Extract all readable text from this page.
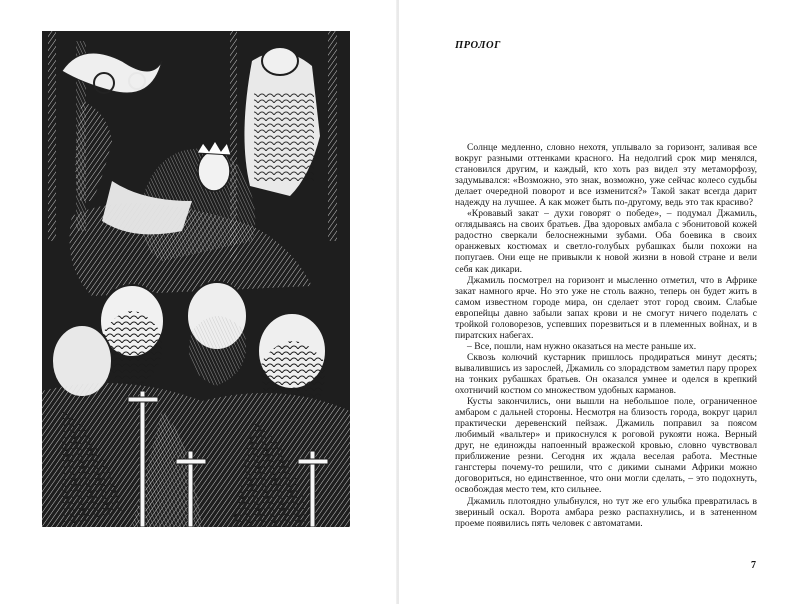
ПРОЛОГ

Солнце медленно, словно нехотя, уплывало за горизонт, заливая все вокруг разными оттенками красного. На недолгий срок мир менялся, становился другим, и каждый, кто хоть раз видел эту метаморфозу, задумывался: «Возможно, это знак, возможно, уже сейчас колесо судьбы делает очередной поворот и все изменится?» Такой закат всегда дарит надежду на лучшее. А как может быть по-другому, ведь это так красиво?

«Кровавый закат – духи говорят о победе», – подумал Джамиль, оглядываясь на своих братьев. Два здоровых амбала с эбонитовой кожей радостно сверкали белоснежными зубами. Оба боевика в своих оранжевых костюмах и светло-голубых рубашках были похожи на попугаев. Они еще не привыкли к новой жизни в новой стране и вели себя как дикари.

Джамиль посмотрел на горизонт и мысленно отметил, что в Африке закат намного ярче. Но это уже не столь важно, теперь он будет жить в самом известном городе мира, он сделает этот город своим. Слабые европейцы давно забыли запах крови и не смогут ничего поделать с тройкой головорезов, успевших порезвиться и в племенных войнах, и в пиратских набегах.

– Все, пошли, нам нужно оказаться на месте раньше их.

Сквозь колючий кустарник пришлось продираться минут десять; вывалившись из зарослей, Джамиль со злорадством заметил пару прорех на тонких рубашках братьев. Он оказался умнее и оделся в крепкий охотничий костюм со множеством удобных карманов.

Кусты закончились, они вышли на небольшое поле, ограниченное амбаром с дальней стороны. Несмотря на близость города, вокруг царил практически деревенский пейзаж. Джамиль поправил за поясом любимый «вальтер» и прикоснулся к роговой рукояти ножа. Верный друг, не единожды напоенный вражеской кровью, словно чувствовал приближение резни. Сегодня их ждала веселая работа. Местные гангстеры почему-то решили, что с дикими сынами Африки можно договориться, но единственное, что они могли сделать, – это подохнуть, освобождая место тем, кто сильнее.

Джамиль плотоядно улыбнулся, но тут же его улыбка превратилась в звериный оскал. Ворота амбара резко распахнулись, и в затененном проеме появились пять человек с автоматами.

7
